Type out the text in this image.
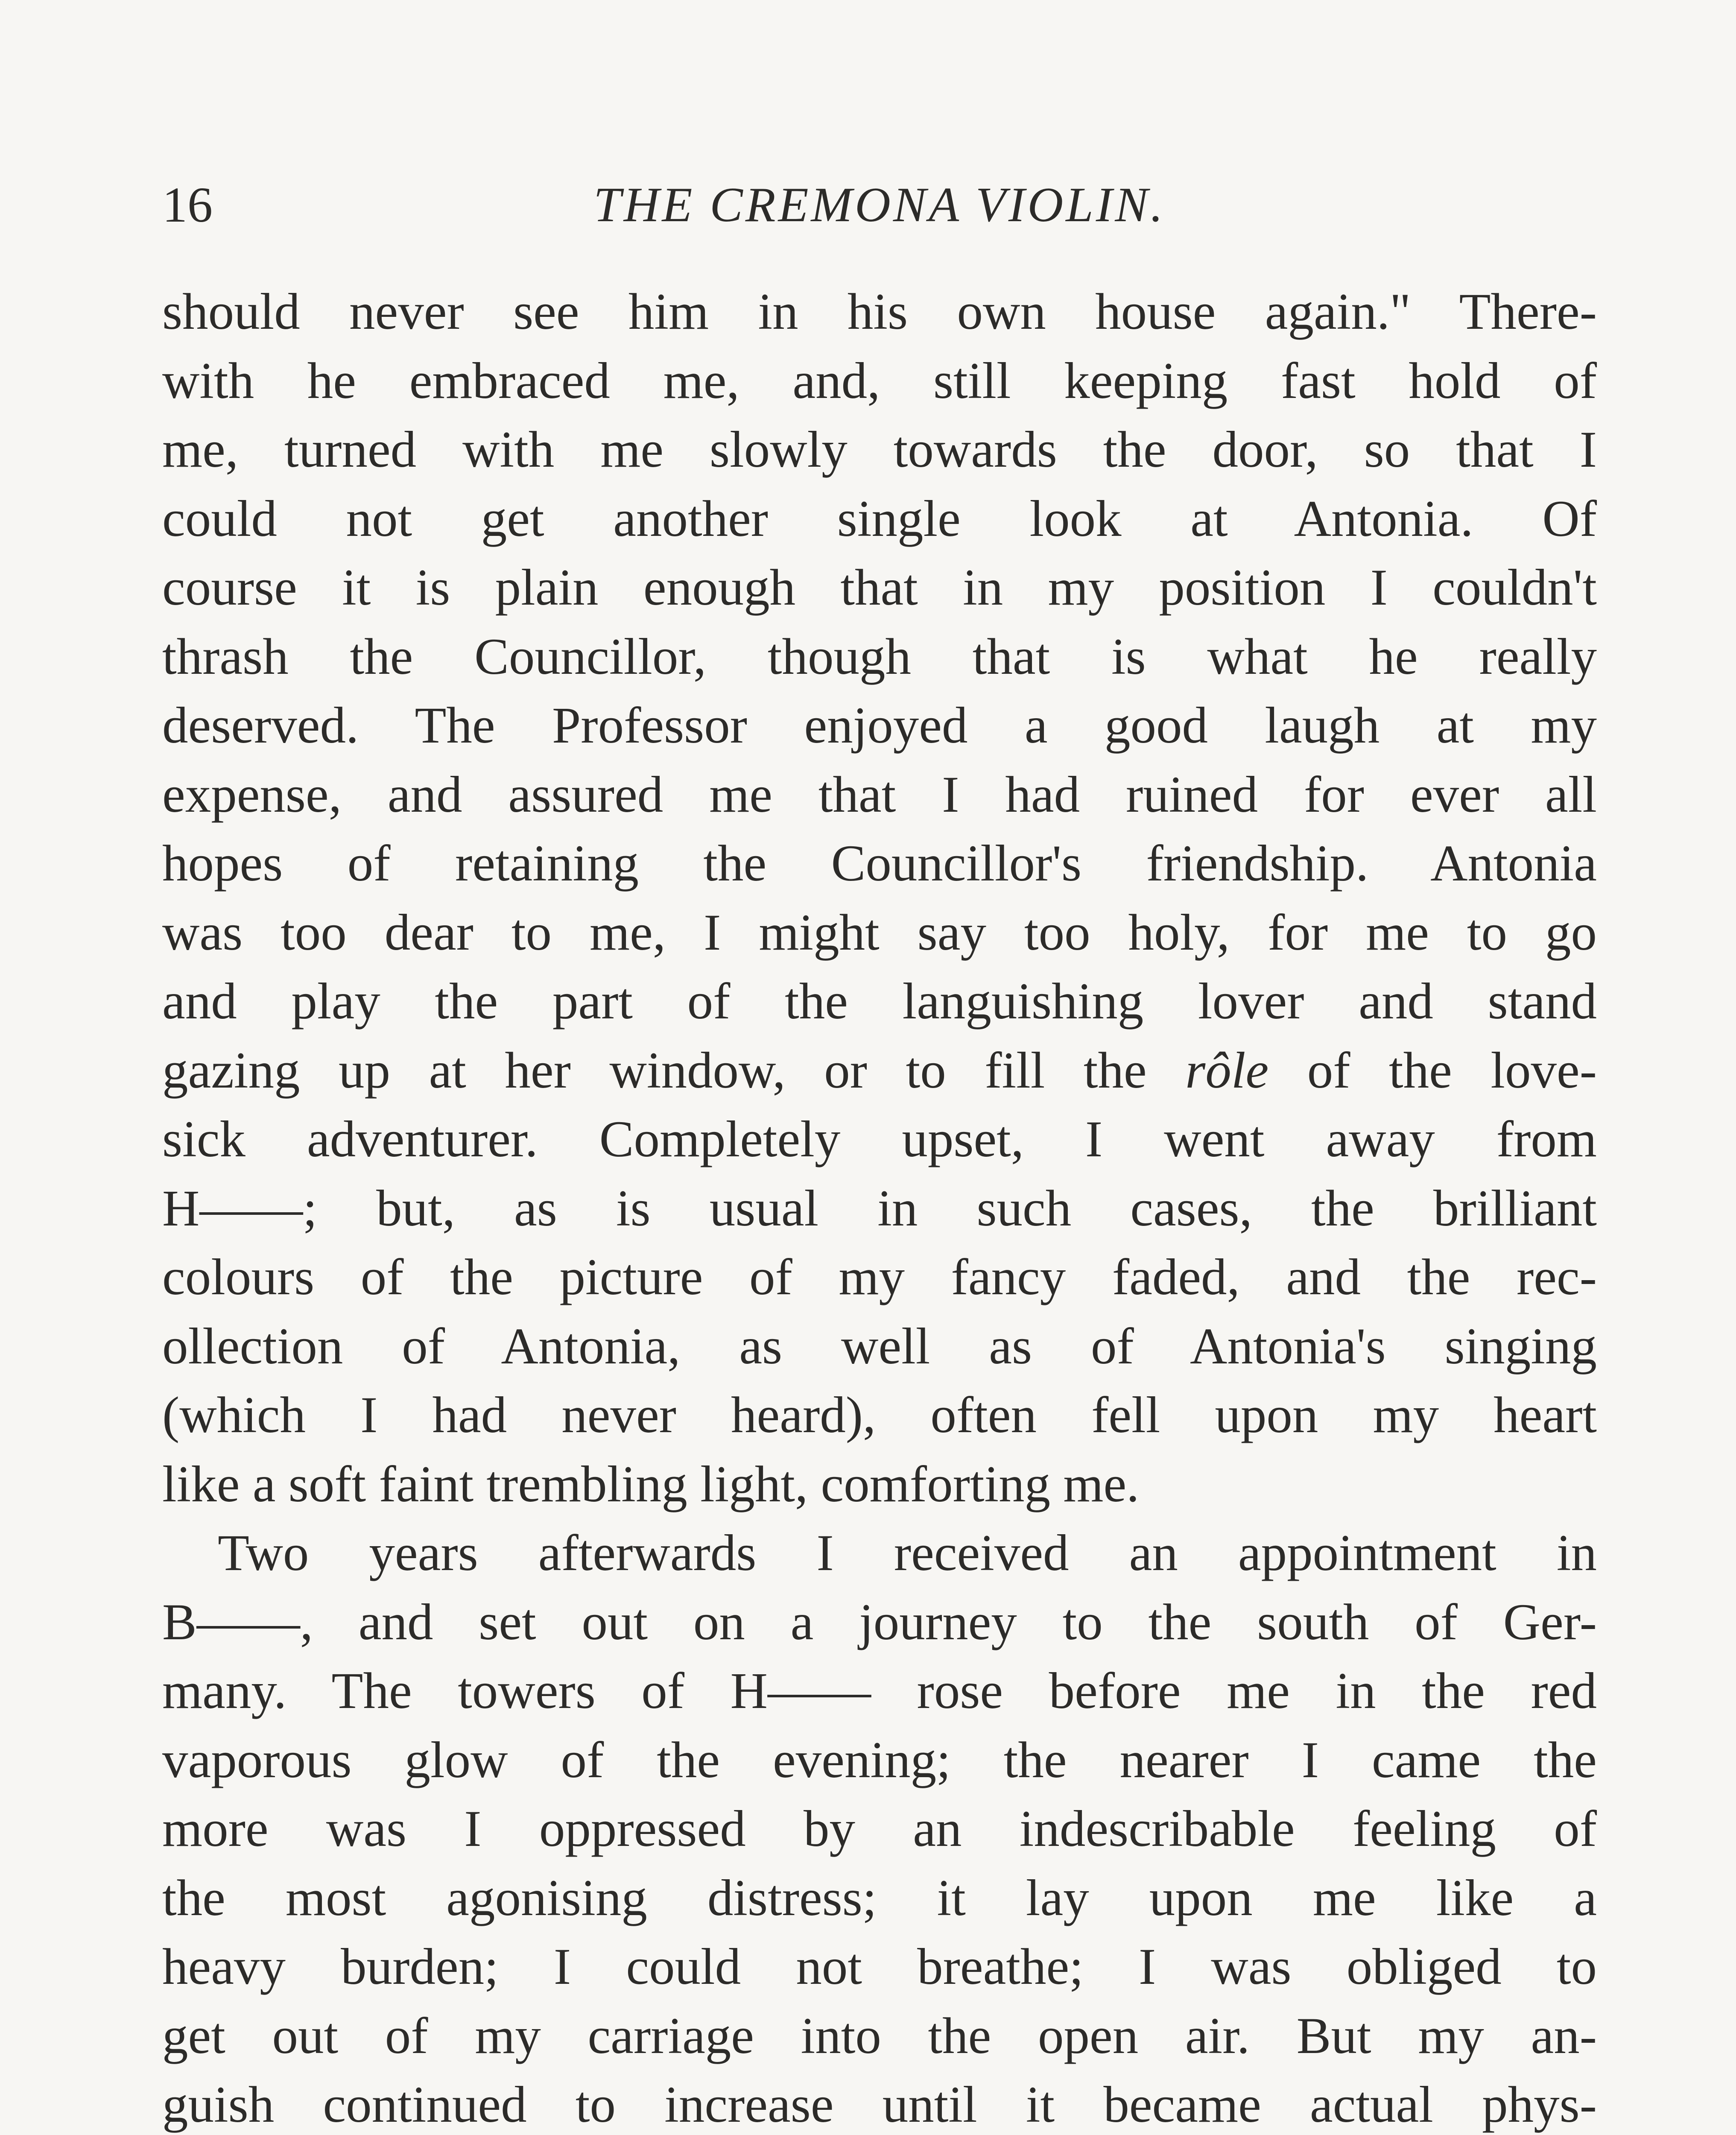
16	THE CREMONA VIOLIN.
should never see him in his own house again." There-
with he embraced me, and, still keeping fast hold of
me, turned with me slowly towards the door, so that I
could not get another single look at Antonia. Of
course it is plain enough that in my position I couldn't
thrash the Councillor, though that is what he really
deserved. The Professor enjoyed a good laugh at my
expense, and assured me that I had ruined for ever all
hopes of retaining the Councillor's friendship. Antonia
was too dear to me, I might say too holy, for me to go
and play the part of the languishing lover and stand
gazing up at her window, or to fill the rôle of the love-
sick adventurer. Completely upset, I went away from
H——; but, as is usual in such cases, the brilliant
colours of the picture of my fancy faded, and the rec-
ollection of Antonia, as well as of Antonia's singing
(which I had never heard), often fell upon my heart
like a soft faint trembling light, comforting me.
Two years afterwards I received an appointment in
B——, and set out on a journey to the south of Ger-
many. The towers of H—— rose before me in the red
vaporous glow of the evening; the nearer I came the
more was I oppressed by an indescribable feeling of
the most agonising distress; it lay upon me like a
heavy burden; I could not breathe; I was obliged to
get out of my carriage into the open air. But my an-
guish continued to increase until it became actual phys-
